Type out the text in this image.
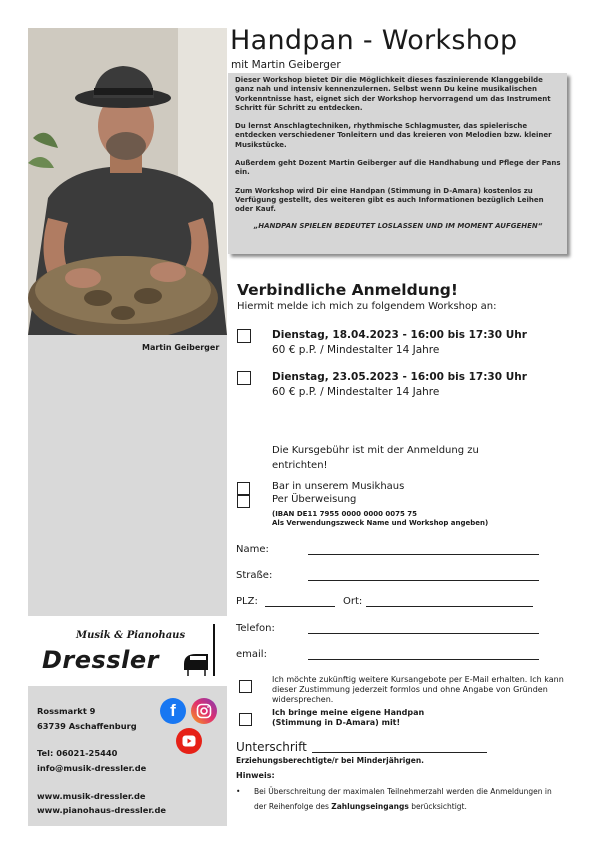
Martin Geiberger
Handpan - Workshop
mit Martin Geiberger

Dieser Workshop bietet Dir die Möglichkeit dieses faszinierende Klanggebilde ganz nah und intensiv kennenzulernen. Selbst wenn Du keine musikalischen Vorkenntnisse hast, eignet sich der Workshop hervorragend um das Instrument Schritt für Schritt zu entdecken.

Du lernst Anschlagtechniken, rhythmische Schlagmuster, das spielerische entdecken verschiedener Tonleitern und das kreieren von Melodien bzw. kleiner Musikstücke.

Außerdem geht Dozent Martin Geiberger auf die Handhabung und Pflege der Pans ein.

Zum Workshop wird Dir eine Handpan (Stimmung in D-Amara) kostenlos zu Verfügung gestellt, des weiteren gibt es auch Informationen bezüglich Leihen oder Kauf.

„HANDPAN SPIELEN BEDEUTET LOSLASSEN UND IM MOMENT AUFGEHEN“

Verbindliche Anmeldung!
Hiermit melde ich mich zu folgendem Workshop an:
Dienstag, 18.04.2023 - 16:00 bis 17:30 Uhr
60 € p.P. / Mindestalter 14 Jahre
Dienstag, 23.05.2023 - 16:00 bis 17:30 Uhr
60 € p.P. / Mindestalter 14 Jahre
Die Kursgebühr ist mit der Anmeldung zu entrichten!
Bar in unserem Musikhaus
Per Überweisung
(IBAN DE11 7955 0000 0000 0075 75
Als Verwendungszweck Name und Workshop angeben)
Name:
Straße:
PLZ:	Ort:
Telefon:
email:
Ich möchte zukünftig weitere Kursangebote per E-Mail erhalten. Ich kann dieser Zustimmung jederzeit formlos und ohne Angabe von Gründen widersprechen.
Ich bringe meine eigene Handpan
(Stimmung in D-Amara) mit!
Unterschrift
Erziehungsberechtigte/r bei Minderjährigen.
Hinweis:
•	Bei Überschreitung der maximalen Teilnehmerzahl werden die Anmeldungen in der Reihenfolge des Zahlungseingangs berücksichtigt.
Musik & Pianohaus
Dressler
Rossmarkt 9
63739 Aschaffenburg
Tel: 06021-25440
info@musik-dressler.de
www.musik-dressler.de
www.pianohaus-dressler.de
f
